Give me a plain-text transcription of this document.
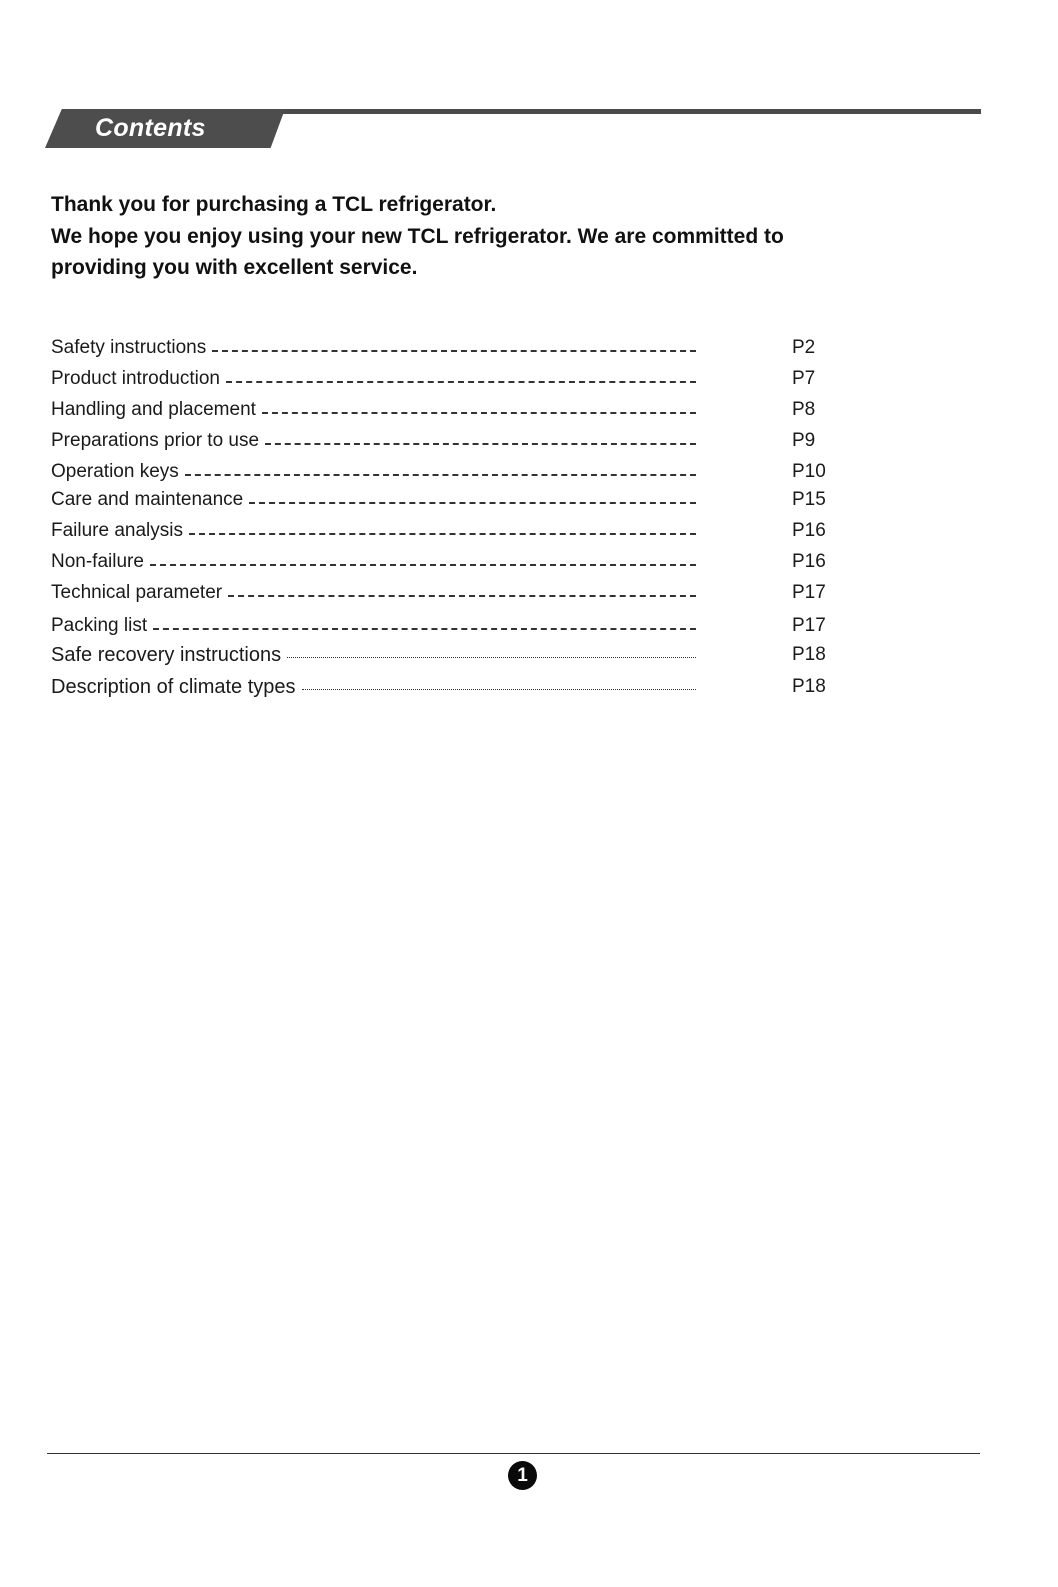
Contents

Thank you for purchasing a TCL refrigerator.

We hope you enjoy using your new TCL refrigerator. We are committed to

providing you with excellent service.

Safety instructions	P2
Product introduction	P7
Handling and placement	P8
Preparations prior to use	P9
Operation keys	P10
Care and maintenance	P15
Failure analysis	P16
Non-failure	P16
Technical parameter	P17
Packing list	P17
Safe recovery instructions	P18
Description of climate types	P18
1
